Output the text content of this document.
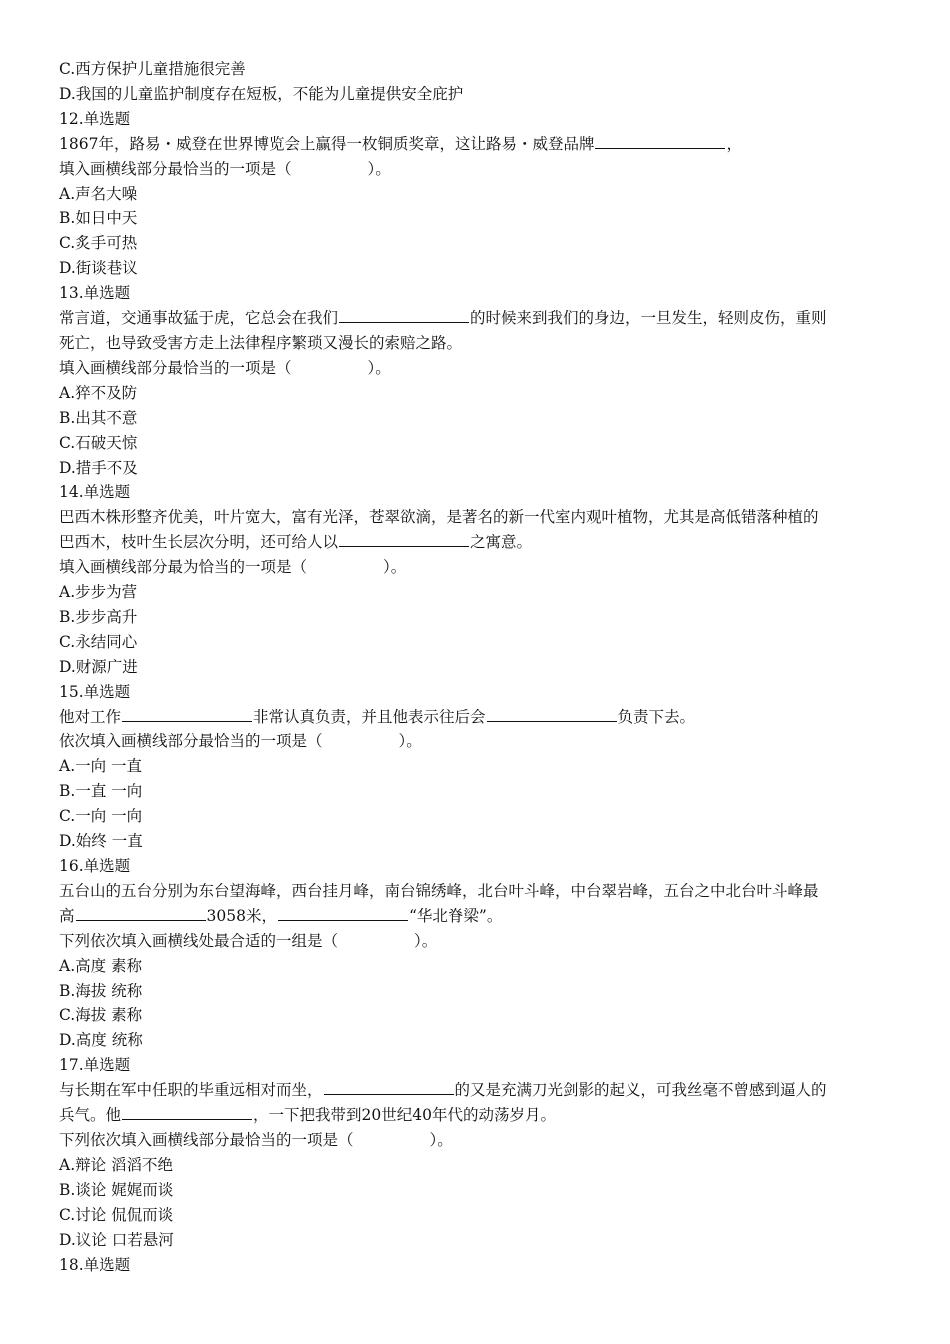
C.西方保护儿童措施很完善

D.我国的儿童监护制度存在短板，不能为儿童提供安全庇护

12.单选题

1867年，路易・威登在世界博览会上赢得一枚铜质奖章，这让路易・威登品牌	，

填入画横线部分最恰当的一项是（	）。

A.声名大噪

B.如日中天

C.炙手可热

D.街谈巷议

13.单选题

常言道，交通事故猛于虎，它总会在我们	的时候来到我们的身边，一旦发生，轻则皮伤，重则

死亡，也导致受害方走上法律程序繁琐又漫长的索赔之路。

填入画横线部分最恰当的一项是（	）。

A.猝不及防

B.出其不意

C.石破天惊

D.措手不及

14.单选题

巴西木株形整齐优美，叶片宽大，富有光泽，苍翠欲滴，是著名的新一代室内观叶植物，尤其是高低错落种植的

巴西木，枝叶生长层次分明，还可给人以	之寓意。

填入画横线部分最为恰当的一项是（	）。

A.步步为营

B.步步高升

C.永结同心

D.财源广进

15.单选题

他对工作	非常认真负责，并且他表示往后会	负责下去。

依次填入画横线部分最恰当的一项是（	）。

A.一向 一直

B.一直 一向

C.一向 一向

D.始终 一直

16.单选题

五台山的五台分别为东台望海峰，西台挂月峰，南台锦绣峰，北台叶斗峰，中台翠岩峰，五台之中北台叶斗峰最

高	3058米，	“华北脊梁”。

下列依次填入画横线处最合适的一组是（	）。

A.高度 素称

B.海拔 统称

C.海拔 素称

D.高度 统称

17.单选题

与长期在军中任职的毕重远相对而坐，	的又是充满刀光剑影的起义，可我丝毫不曾感到逼人的

兵气。他	，一下把我带到20世纪40年代的动荡岁月。

下列依次填入画横线部分最恰当的一项是（	）。

A.辩论 滔滔不绝

B.谈论 娓娓而谈

C.讨论 侃侃而谈

D.议论 口若悬河

18.单选题
